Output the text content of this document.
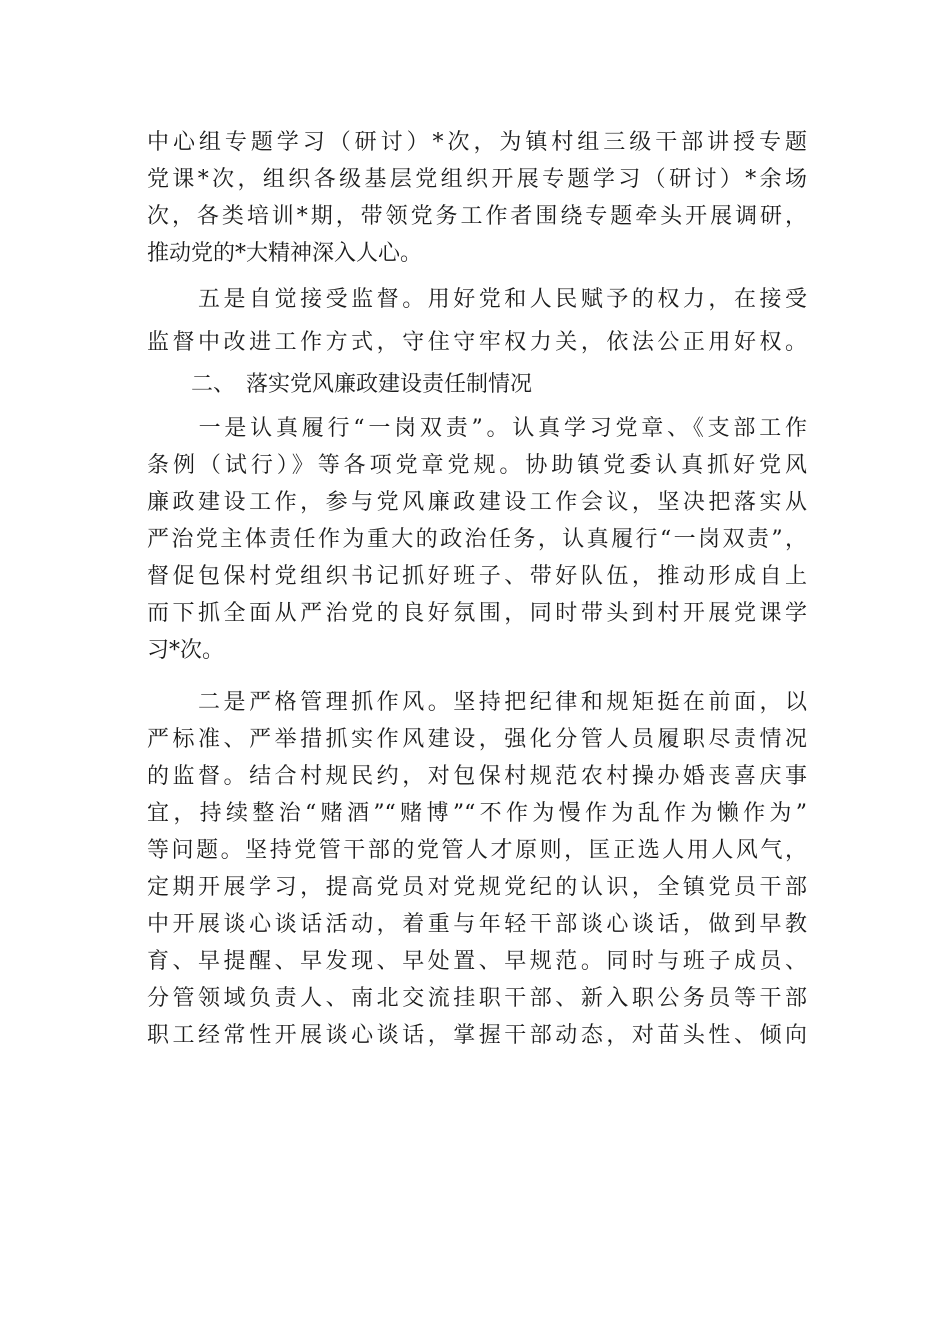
中心组专题学习（研讨）*次，为镇村组三级干部讲授专题
党课*次，组织各级基层党组织开展专题学习（研讨）*余场
次，各类培训*期，带领党务工作者围绕专题牵头开展调研，
推动党的*大精神深入人心。
　　五是自觉接受监督。用好党和人民赋予的权力，在接受
监督中改进工作方式，守住守牢权力关，依法公正用好权。
　　二、　落实党风廉政建设责任制情况
　　一是认真履行“一岗双责”。认真学习党章、《支部工作
条例（试行）》等各项党章党规。协助镇党委认真抓好党风
廉政建设工作，参与党风廉政建设工作会议，坚决把落实从
严治党主体责任作为重大的政治任务，认真履行“一岗双责”，
督促包保村党组织书记抓好班子、带好队伍，推动形成自上
而下抓全面从严治党的良好氛围，同时带头到村开展党课学
习*次。
　　二是严格管理抓作风。坚持把纪律和规矩挺在前面，以
严标准、严举措抓实作风建设，强化分管人员履职尽责情况
的监督。结合村规民约，对包保村规范农村操办婚丧喜庆事
宜，持续整治“赌酒”“赌博”“不作为慢作为乱作为懒作为”
等问题。坚持党管干部的党管人才原则，匡正选人用人风气，
定期开展学习，提高党员对党规党纪的认识，全镇党员干部
中开展谈心谈话活动，着重与年轻干部谈心谈话，做到早教
育、早提醒、早发现、早处置、早规范。同时与班子成员、
分管领域负责人、南北交流挂职干部、新入职公务员等干部
职工经常性开展谈心谈话，掌握干部动态，对苗头性、倾向
